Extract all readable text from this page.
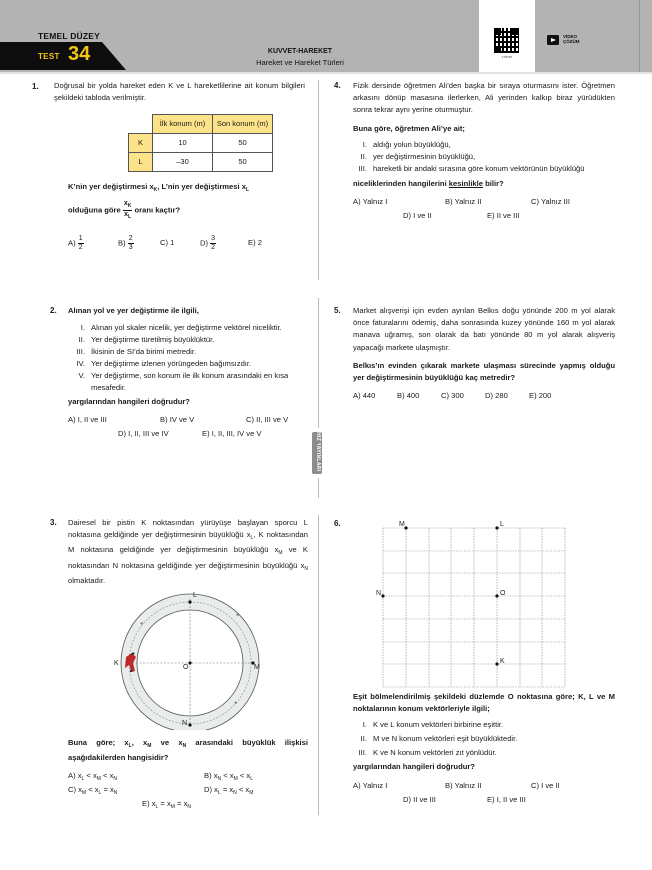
TEMEL DÜZEY
TEST 34	KUVVET-HAREKET
Hareket ve Hareket Türleri
178726
VİDEO
ÇÖZÜM
HIZ YAYINLARI
1.	Doğrusal bir yolda hareket eden K ve L hareketlilerine ait konum bilgileri şekildeki tabloda verilmiştir.
	İlk konum (m)	Son konum (m)
K	10	50
L	–30	50
K’nin yer değiştirmesi $x_K$, L’nin yer değiştirmesi $x_L$
olduğuna göre $\frac{x_K}{x_L}$ oranı kaçtır?
$A) \frac{1}{2}$	$B) \frac{2}{3}$	C) 1	$D) \frac{3}{2}$	E) 2
2. Alınan yol ve yer değiştirme ile ilgili,
I. Alınan yol skaler nicelik, yer değiştirme vektörel niceliktir.
II. Yer değiştirme türetilmiş büyüklüktür.
III. İkisinin de SI’da birimi metredir.
IV. Yer değiştirme izlenen yörüngeden bağımsızdır.
V. Yer değiştirme, son konum ile ilk konum arasındaki en kısa mesafedir.
yargılarından hangileri doğrudur?
A) I, II ve III	B) IV ve V	C) II, III ve V
D) I, II, III ve IV	E) I, II, III, IV ve V
3. Dairesel bir pistin K noktasından yürüyüşe başlayan sporcu L noktasına geldiğinde yer değiştirmesinin büyüklüğü $x_L$, K noktasından M noktasına geldiğinde yer değiştirmesinin büyüklüğü $x_M$ ve K noktasından N noktasına geldiğinde yer değiştirmesinin büyüklüğü $x_N$ olmaktadır.
L
K
O	M
N
Buna göre; $x_L$, $x_M$ ve $x_N$ arasındaki büyüklük ilişkisi aşağıdakilerden hangisidir?
A) $x_L < x_M < x_N$	B) $x_N < x_M < x_L$
C) $x_M < x_L = x_N$	D) $x_L = x_N < x_M$
E) $x_L = x_M = x_N$
4. Fizik dersinde öğretmen Ali’den başka bir sıraya oturmasını ister. Öğretmen arkasını dönüp masasına ilerlerken, Ali yerinden kalkıp biraz yürüdükten sonra tekrar aynı yerine oturmuştur.
Buna göre, öğretmen Ali’ye ait;
I. aldığı yolun büyüklüğü,
II. yer değiştirmesinin büyüklüğü,
III. hareketli bir andaki sırasına göre konum vektörünün büyüklüğü
niceliklerinden hangilerini kesinlikle bilir?
A) Yalnız I	B) Yalnız II	C) Yalnız III
D) I ve II	E) II ve III
5. Market alışverişi için evden ayrılan Belkıs doğu yönünde 200 m yol alarak önce faturalarını ödemiş, daha sonrasında kuzey yönünde 160 m yol alarak manava uğramış, son olarak da batı yönünde 80 m yol alarak alışveriş yapacağı markete ulaşmıştır.
Belkıs’ın evinden çıkarak markete ulaşması sürecinde yapmış olduğu yer değiştirmesinin büyüklüğü kaç metredir?
A) 440	B) 400	C) 300	D) 280	E) 200
6.	M	L
N	O
K
Eşit bölmelendirilmiş şekildeki düzlemde O noktasına göre; K, L ve M noktalarının konum vektörleriyle ilgili;
I. K ve L konum vektörleri birbirine eşittir.
II. M ve N konum vektörleri eşit büyüklüktedir.
III. K ve N konum vektörleri zıt yönlüdür.
yargılarından hangileri doğrudur?
A) Yalnız I	B) Yalnız II	C) I ve II
D) II ve III	E) I, II ve III
